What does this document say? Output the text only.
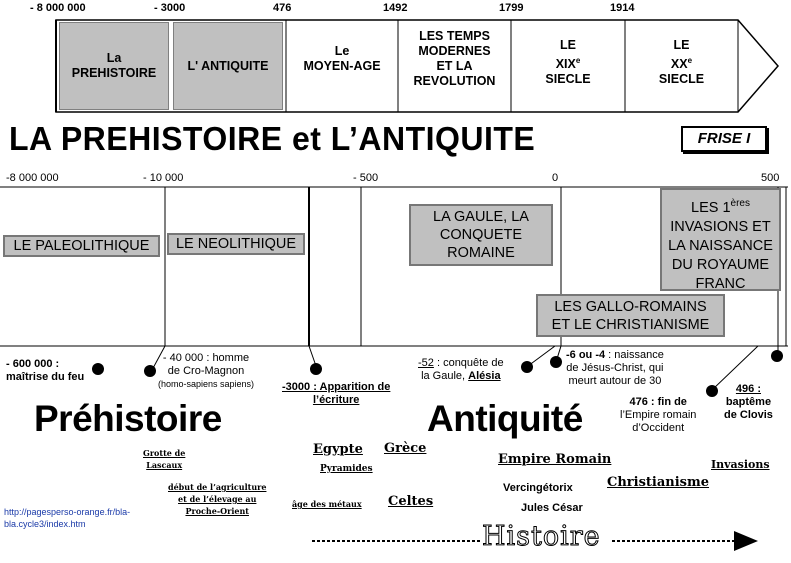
- 8 000 000	- 3000	476	1492	1799	1914
La
PREHISTOIRE
L' ANTIQUITE
Le
MOYEN-AGE
LES TEMPS
MODERNES
ET LA
REVOLUTION
LE
XIXe
SIECLE
LE
XXe
SIECLE
LA PREHISTOIRE et L’ANTIQUITE	FRISE I
-8 000 000	- 10 000	- 500	0	500
LE PALEOLITHIQUE	LE NEOLITHIQUE
LA GAULE, LA
CONQUETE
ROMAINE
LES 1ères
INVASIONS ET
LA NAISSANCE
DU ROYAUME
FRANC
LES GALLO-ROMAINS
ET LE CHRISTIANISME
- 600 000 :
maîtrise du feu
- 40 000 : homme
de Cro-Magnon
(homo-sapiens sapiens)	-3000 : Apparition de
l’écriture
-52 : conquête de
la Gaule, Alésia
-6 ou -4 : naissance
de Jésus-Christ, qui
meurt autour de 30
476 : fin de
l’Empire romain
d’Occident
496 :
baptême
de Clovis
Préhistoire	Antiquité
Grotte de
Lascaux
début de l’agriculture
et de l’élevage au
Proche-Orient
âge des métaux
Egypte
Pyramides
Grèce
Celtes
Empire Romain
Vercingétorix
Jules César
Christianisme
Invasions
http://pagesperso-orange.fr/bla-
bla.cycle3/index.htm	Histoire
